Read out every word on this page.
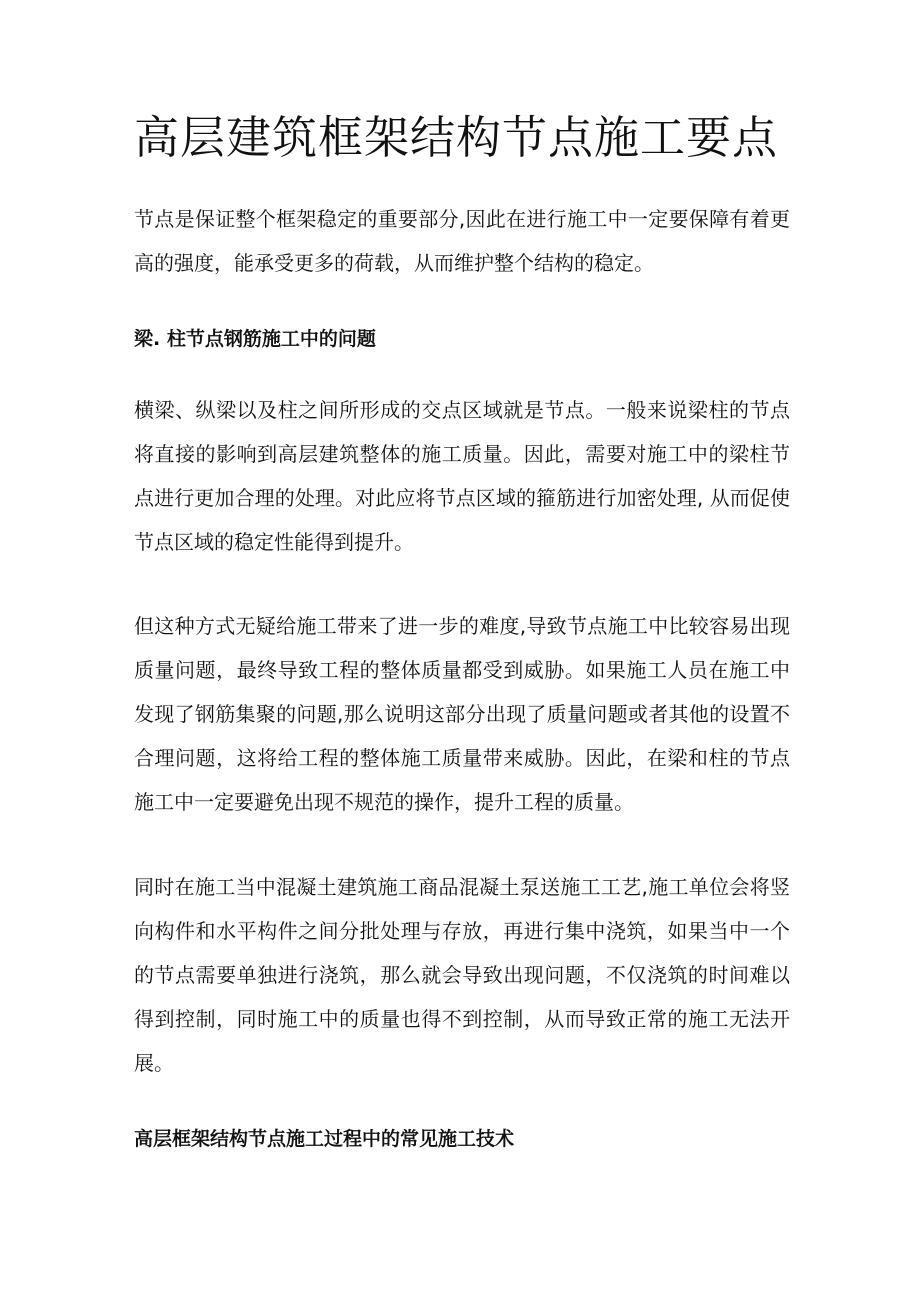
高层建筑框架结构节点施工要点

节点是保证整个框架稳定的重要部分,因此在进行施工中一定要保障有着更高的强度，能承受更多的荷载，从而维护整个结构的稳定。

梁. 柱节点钢筋施工中的问题

横梁、纵梁以及柱之间所形成的交点区域就是节点。一般来说梁柱的节点将直接的影响到高层建筑整体的施工质量。因此，需要对施工中的梁柱节点进行更加合理的处理。对此应将节点区域的箍筋进行加密处理, 从而促使节点区域的稳定性能得到提升。

但这种方式无疑给施工带来了进一步的难度,导致节点施工中比较容易出现质量问题，最终导致工程的整体质量都受到威胁。如果施工人员在施工中发现了钢筋集聚的问题,那么说明这部分出现了质量问题或者其他的设置不合理问题，这将给工程的整体施工质量带来威胁。因此，在梁和柱的节点施工中一定要避免出现不规范的操作，提升工程的质量。

同时在施工当中混凝土建筑施工商品混凝土泵送施工工艺,施工单位会将竖向构件和水平构件之间分批处理与存放，再进行集中浇筑，如果当中一个的节点需要单独进行浇筑，那么就会导致出现问题，不仅浇筑的时间难以得到控制，同时施工中的质量也得不到控制，从而导致正常的施工无法开展。

高层框架结构节点施工过程中的常见施工技术
